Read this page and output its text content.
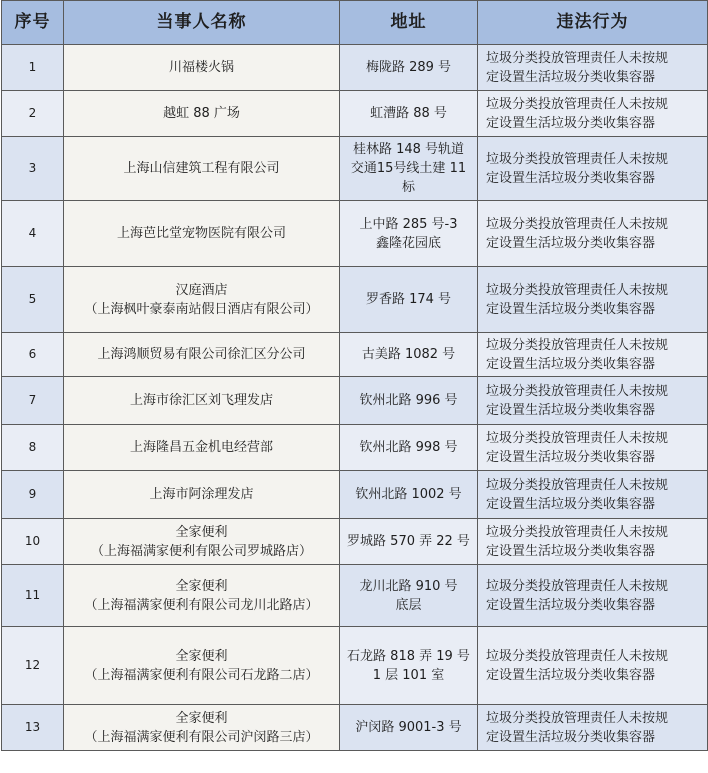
序号	当事人名称	地址	违法行为
1	川福楼火锅	梅陇路 289 号	垃圾分类投放管理责任人未按规
定设置生活垃圾分类收集容器

2	越虹 88 广场	虹漕路 88 号	垃圾分类投放管理责任人未按规
定设置生活垃圾分类收集容器

3	上海山信建筑工程有限公司	桂林路 148 号轨道
交通15号线土建 11
标	垃圾分类投放管理责任人未按规
定设置生活垃圾分类收集容器

4	上海芭比堂宠物医院有限公司	上中路 285 号-3
鑫隆花园底	垃圾分类投放管理责任人未按规
定设置生活垃圾分类收集容器

5	汉庭酒店
（上海枫叶豪泰南站假日酒店有限公司）	罗香路 174 号	垃圾分类投放管理责任人未按规
定设置生活垃圾分类收集容器

6	上海鸿顺贸易有限公司徐汇区分公司	古美路 1082 号	垃圾分类投放管理责任人未按规
定设置生活垃圾分类收集容器

7	上海市徐汇区刘飞理发店	钦州北路 996 号	垃圾分类投放管理责任人未按规
定设置生活垃圾分类收集容器

8	上海隆昌五金机电经营部	钦州北路 998 号	垃圾分类投放管理责任人未按规
定设置生活垃圾分类收集容器

9	上海市阿涂理发店	钦州北路 1002 号	垃圾分类投放管理责任人未按规
定设置生活垃圾分类收集容器

10	全家便利
（上海福满家便利有限公司罗城路店）	罗城路 570 弄 22 号	垃圾分类投放管理责任人未按规
定设置生活垃圾分类收集容器

11	全家便利
（上海福满家便利有限公司龙川北路店）	龙川北路 910 号
底层	垃圾分类投放管理责任人未按规
定设置生活垃圾分类收集容器

12	全家便利
（上海福满家便利有限公司石龙路二店）	石龙路 818 弄 19 号
1 层 101 室	垃圾分类投放管理责任人未按规
定设置生活垃圾分类收集容器

13	全家便利
（上海福满家便利有限公司沪闵路三店）	沪闵路 9001-3 号	垃圾分类投放管理责任人未按规
定设置生活垃圾分类收集容器
